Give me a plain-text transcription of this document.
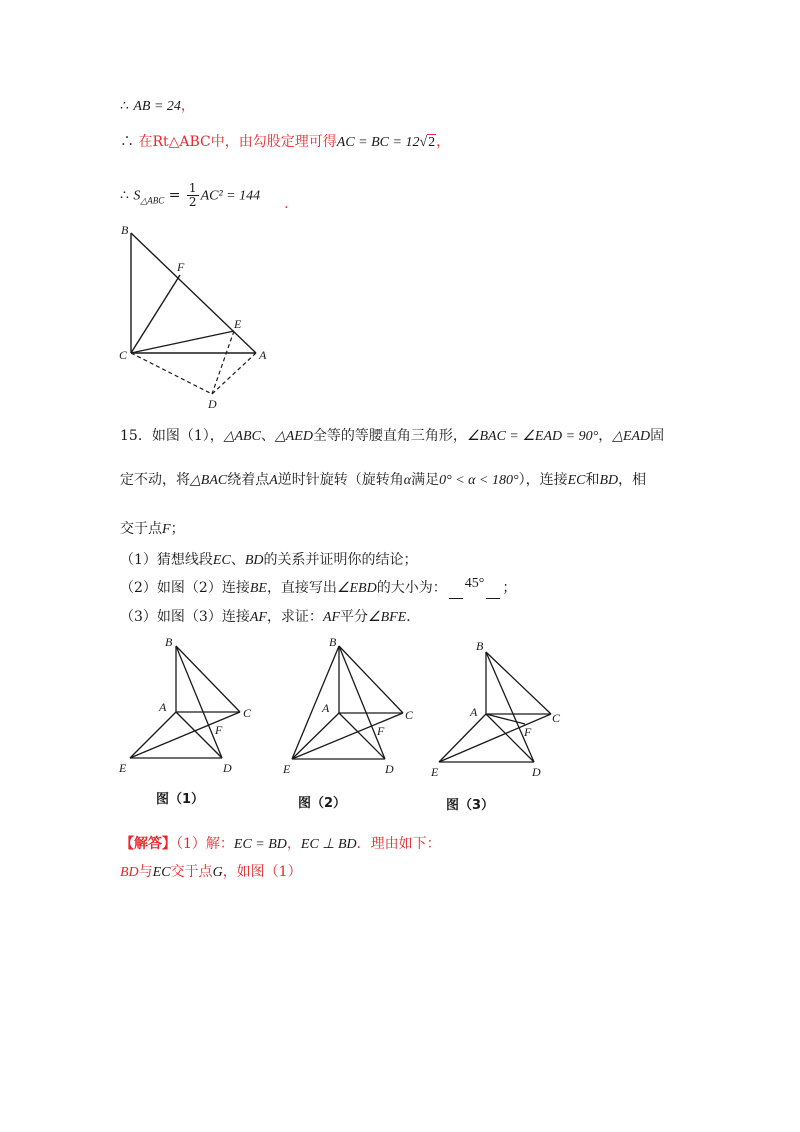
∴ AB = 24，
∴ 在Rt△ABC中，由勾股定理可得AC = BC = 12√2，
∴ $S_{\triangle ABC} = \frac{1}{2} AC^2 = 144$ .
B
F
E
C	A
D
15．如图（1），△ABC、△AED全等的等腰直角三角形，∠BAC = ∠EAD = 90°，△EAD固
定不动，将△BAC绕着点A逆时针旋转（旋转角α满足0° < α < 180°），连接EC和BD，相
交于点F；
（1）猜想线段EC、BD的关系并证明你的结论；
（2）如图（2）连接BE，直接写出∠EBD的大小为： 45° ；
（3）如图（3）连接AF，求证：AF平分∠BFE．
B
A	C
F
E	D
图（1）
B
A	C
F
E	D
图（2）
B
A	C
F
E	D
图（3）
【解答】（1）解：EC = BD，EC ⊥ BD．理由如下：
BD与EC交于点G，如图（1）
